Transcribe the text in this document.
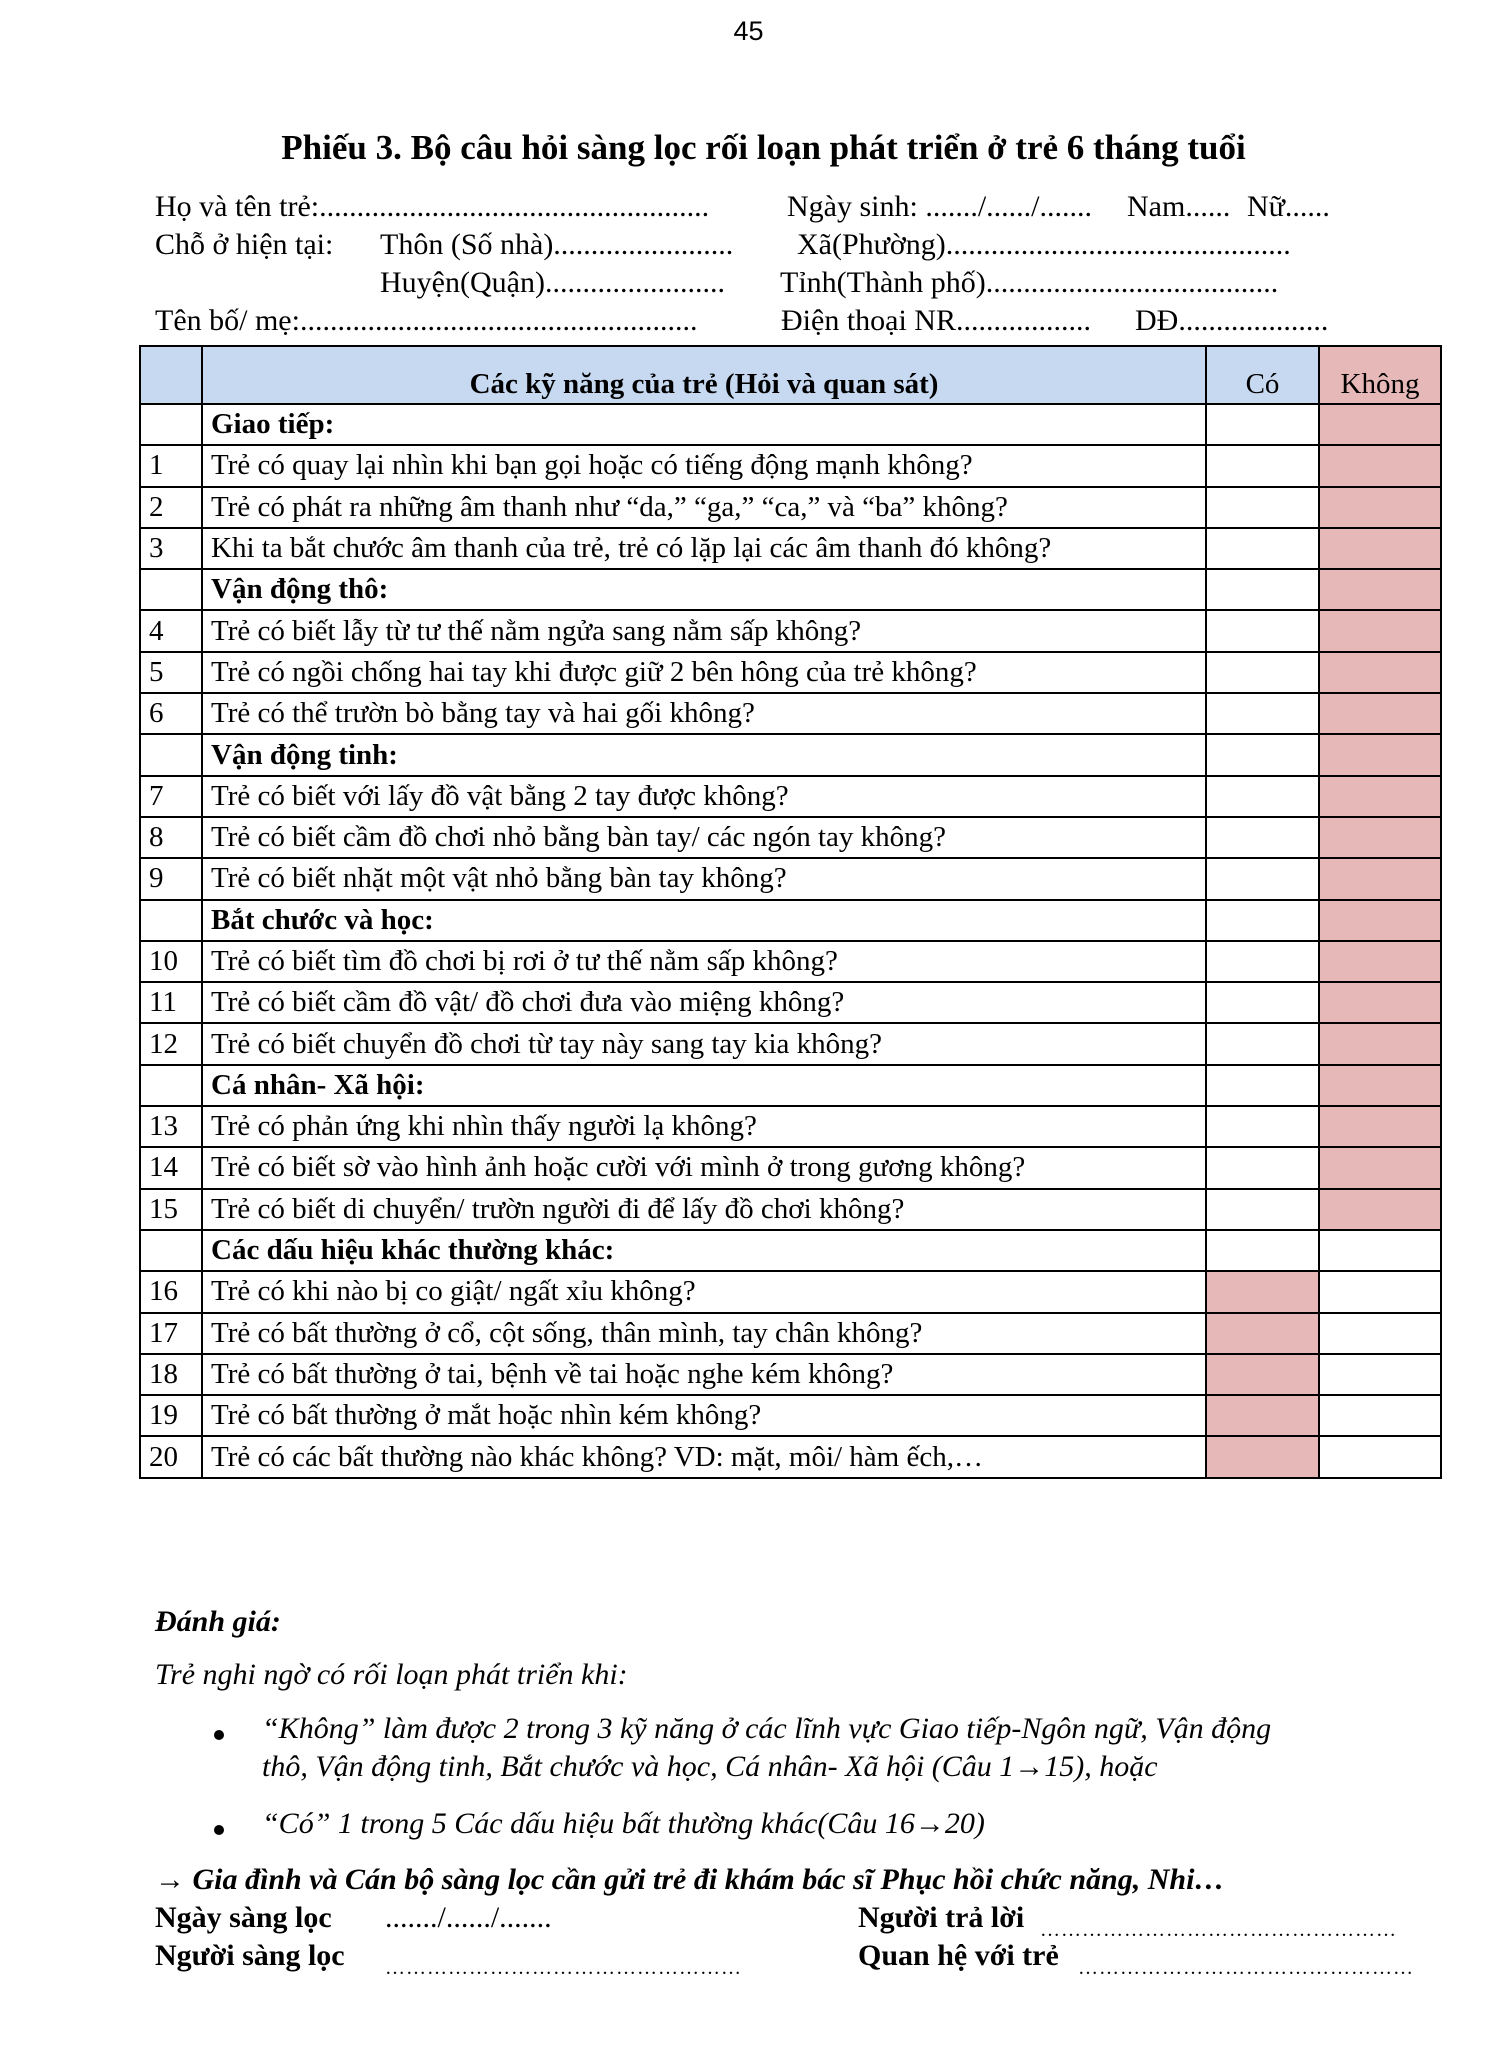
45
Phiếu 3. Bộ câu hỏi sàng lọc rối loạn phát triển ở trẻ 6 tháng tuổi
Họ và tên trẻ:....................................................	Ngày sinh: ......./....../....... Nam...... Nữ......
Chỗ ở hiện tại: Thôn (Số nhà)........................ Xã(Phường)..............................................
Huyện(Quận)........................ Tỉnh(Thành phố).......................................
Tên bố/ mẹ:.....................................................	Điện thoại NR.................. DĐ....................
	Các kỹ năng của trẻ (Hỏi và quan sát)	Có	Không
	Giao tiếp:		
1	Trẻ có quay lại nhìn khi bạn gọi hoặc có tiếng động mạnh không?		
2	Trẻ có phát ra những âm thanh như “da,” “ga,” “ca,” và “ba” không?		
3	Khi ta bắt chước âm thanh của trẻ, trẻ có lặp lại các âm thanh đó không?		
	Vận động thô:		
4	Trẻ có biết lẫy từ tư thế nằm ngửa sang nằm sấp không?		
5	Trẻ có ngồi chống hai tay khi được giữ 2 bên hông của trẻ không?		
6	Trẻ có thể trườn bò bằng tay và hai gối không?		
	Vận động tinh:		
7	Trẻ có biết với lấy đồ vật bằng 2 tay được không?		
8	Trẻ có biết cầm đồ chơi nhỏ bằng bàn tay/ các ngón tay không?		
9	Trẻ có biết nhặt một vật nhỏ bằng bàn tay không?		
	Bắt chước và học:		
10	Trẻ có biết tìm đồ chơi bị rơi ở tư thế nằm sấp không?		
11	Trẻ có biết cầm đồ vật/ đồ chơi đưa vào miệng không?		
12	Trẻ có biết chuyển đồ chơi từ tay này sang tay kia không?		
	Cá nhân- Xã hội:		
13	Trẻ có phản ứng khi nhìn thấy người lạ không?		
14	Trẻ có biết sờ vào hình ảnh hoặc cười với mình ở trong gương không?		
15	Trẻ có biết di chuyển/ trườn người đi để lấy đồ chơi không?		
	Các dấu hiệu khác thường khác:		
16	Trẻ có khi nào bị co giật/ ngất xỉu không?		
17	Trẻ có bất thường ở cổ, cột sống, thân mình, tay chân không?		
18	Trẻ có bất thường ở tai, bệnh về tai hoặc nghe kém không?		
19	Trẻ có bất thường ở mắt hoặc nhìn kém không?		
20	Trẻ có các bất thường nào khác không? VD: mặt, môi/ hàm ếch,…		
Đánh giá:
Trẻ nghi ngờ có rối loạn phát triển khi:
“Không” làm được 2 trong 3 kỹ năng ở các lĩnh vực Giao tiếp-Ngôn ngữ, Vận động
thô, Vận động tinh, Bắt chước và học, Cá nhân- Xã hội (Câu 1→15), hoặc
“Có” 1 trong 5 Các dấu hiệu bất thường khác(Câu 16→20)
→ Gia đình và Cán bộ sàng lọc cần gửi trẻ đi khám bác sĩ Phục hồi chức năng, Nhi…
Ngày sàng lọc ......./....../.......	Người trả lời ……………………………………………
Người sàng lọc ……………………………………………	Quan hệ với trẻ …………………………………………
